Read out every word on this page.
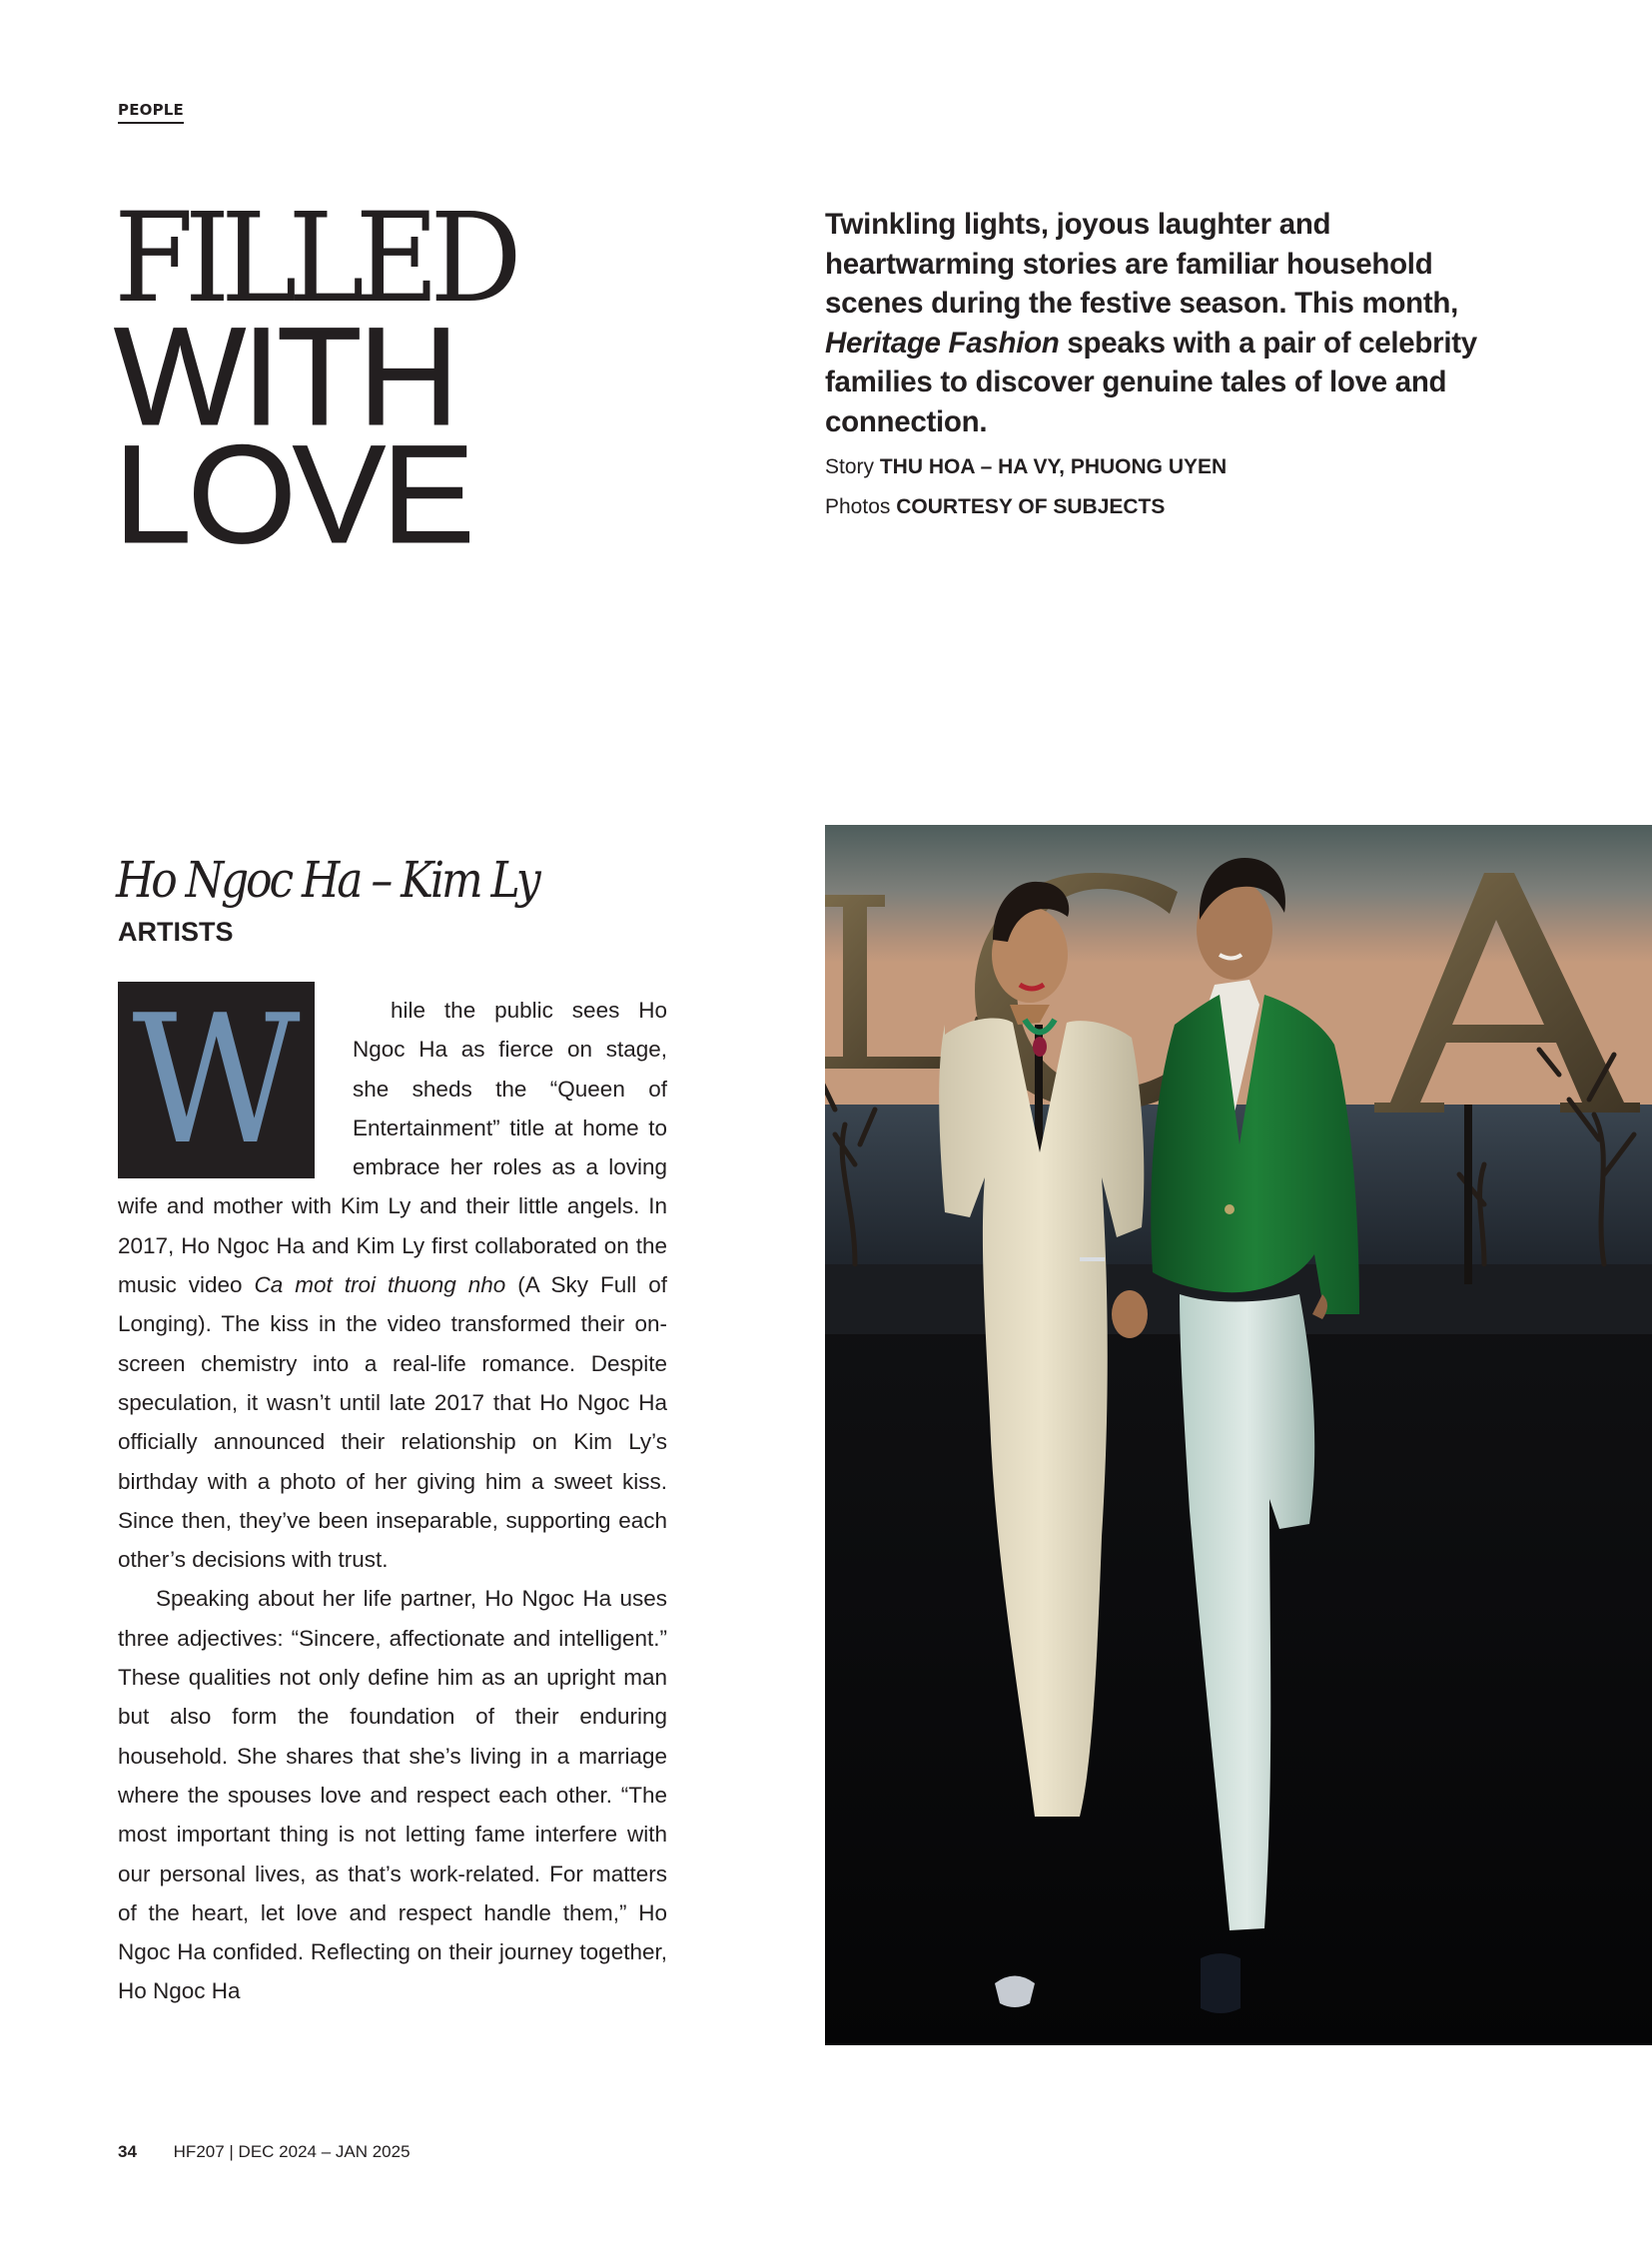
PEOPLE
FILLED
WITH
LOVE
Twinkling lights, joyous laughter and heartwarming stories are familiar household scenes during the festive season. This month, Heritage Fashion speaks with a pair of celebrity families to discover genuine tales of love and connection.
Story THU HOA – HA VY, PHUONG UYEN
Photos COURTESY OF SUBJECTS
Ho Ngoc Ha – Kim Ly
ARTISTS
W	hile the public sees Ho Ngoc Ha as fierce on stage, she sheds the “Queen of Entertainment” title at home to embrace her roles as a loving wife and mother with Kim Ly and their little angels. In 2017, Ho Ngoc Ha and Kim Ly first collaborated on the music video Ca mot troi thuong nho (A Sky Full of Longing). The kiss in the video transformed their on-screen chemistry into a real-life romance. Despite speculation, it wasn’t until late 2017 that Ho Ngoc Ha officially announced their relationship on Kim Ly’s birthday with a photo of her giving him a sweet kiss. Since then, they’ve been inseparable, supporting each other’s decisions with trust.

Speaking about her life partner, Ho Ngoc Ha uses three adjectives: “Sincere, affectionate and intelligent.” These qualities not only define him as an upright man but also form the foundation of their enduring household. She shares that she’s living in a marriage where the spouses love and respect each other. “The most important thing is not letting fame interfere with our personal lives, as that’s work-related. For matters of the heart, let love and respect handle them,” Ho Ngoc Ha confided. Reflecting on their journey together, Ho Ngoc Ha

34 HF207 | DEC 2024 – JAN 2025
